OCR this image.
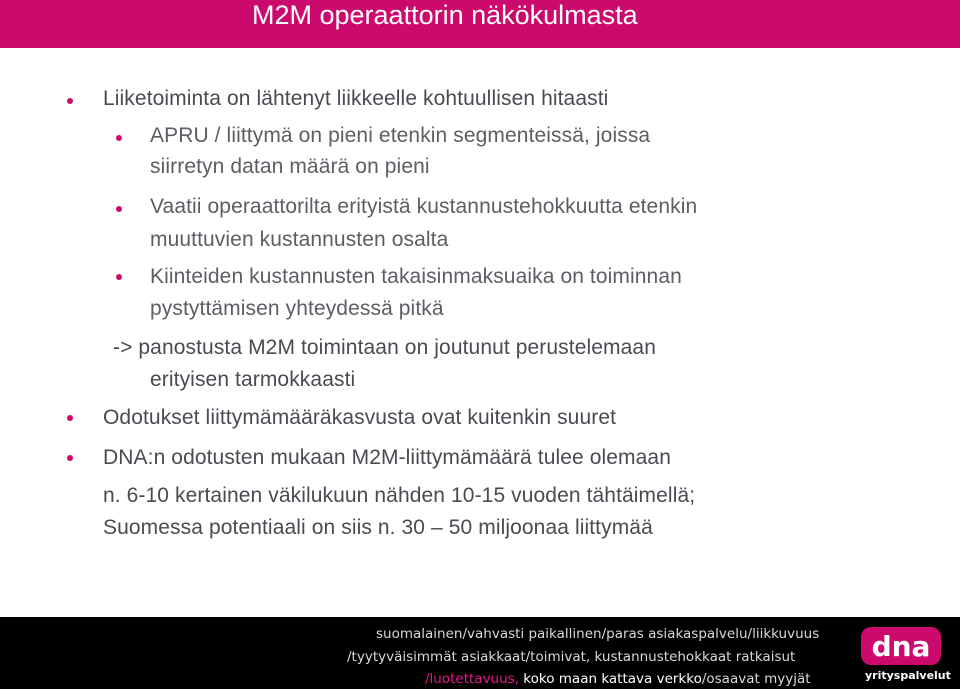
M2M operaattorin näkökulmasta
Liiketoiminta on lähtenyt liikkeelle kohtuullisen hitaasti
APRU / liittymä on pieni etenkin segmenteissä, joissa
siirretyn datan määrä on pieni
Vaatii operaattorilta erityistä kustannustehokkuutta etenkin
muuttuvien kustannusten osalta
Kiinteiden kustannusten takaisinmaksuaika on toiminnan
pystyttämisen yhteydessä pitkä
-> panostusta M2M toimintaan on joutunut perustelemaan
erityisen tarmokkaasti
Odotukset liittymämääräkasvusta ovat kuitenkin suuret
DNA:n odotusten mukaan M2M-liittymämäärä tulee olemaan
n. 6-10 kertainen väkilukuun nähden 10-15 vuoden tähtäimellä;
Suomessa potentiaali on siis n. 30 – 50 miljoonaa liittymää
suomalainen/vahvasti paikallinen/paras asiakaspalvelu/liikkuvuus
/tyytyväisimmät asiakkaat/toimivat, kustannustehokkaat ratkaisut
/luotettavuus, koko maan kattava verkko/osaavat myyjät
dna
yrityspalvelut
